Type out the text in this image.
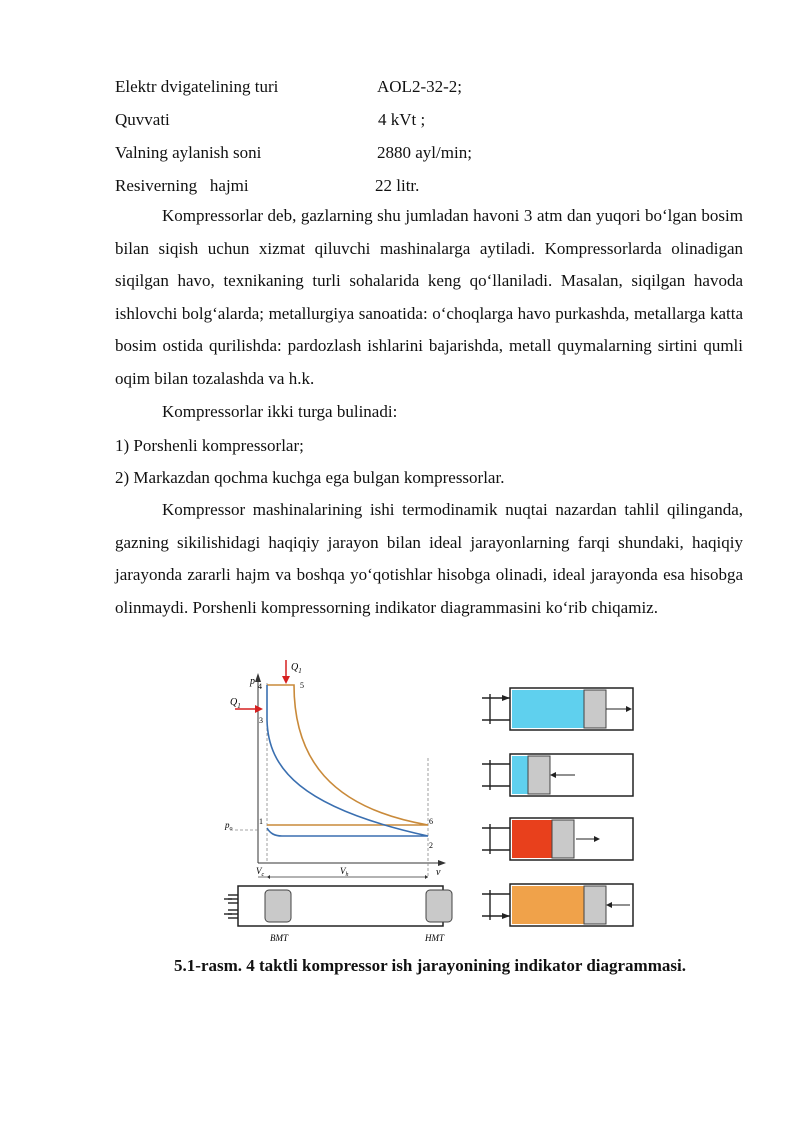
Elektr dvigatelining turi	AOL2-32-2;
Quvvati	4 kVt ;
Valning aylanish soni	2880 ayl/min;
Resiverning   hajmi	22 litr.

Kompressorlar deb, gazlarning shu jumladan havoni 3 atm dan yuqori bo‘lgan bosim bilan siqish uchun xizmat qiluvchi mashinalarga aytiladi. Kompressorlarda olinadigan siqilgan havo, texnikaning turli sohalarida keng qo‘llaniladi. Masalan, siqilgan havoda ishlovchi bolg‘alarda; metallurgiya sanoatida: o‘choqlarga havo purkashda, metallarga katta bosim ostida qurilishda: pardozlash ishlarini bajarishda, metall quymalarning sirtini qumli oqim bilan tozalashda va h.k.

Kompressorlar ikki turga bulinadi:

1) Porshenli kompressorlar;
2) Markazdan qochma kuchga ega bulgan kompressorlar.

Kompressor mashinalarining ishi termodinamik nuqtai nazardan tahlil qilinganda, gazning sikilishidagi haqiqiy jarayon bilan ideal jarayonlarning farqi shundaki, haqiqiy jarayonda zararli hajm va boshqa yo‘qotishlar hisobga olinadi, ideal jarayonda esa hisobga olinmaydi. Porshenli kompressorning indikator diagrammasini ko‘rib chiqamiz.

p
v
$Q_1$
$Q_1$
4	5
3
1	6
2
$p_o$
$V_c$	$V_h$
BMT	HMT
5.1-rasm. 4 taktli kompressor ish jarayonining indikator diagrammasi.
